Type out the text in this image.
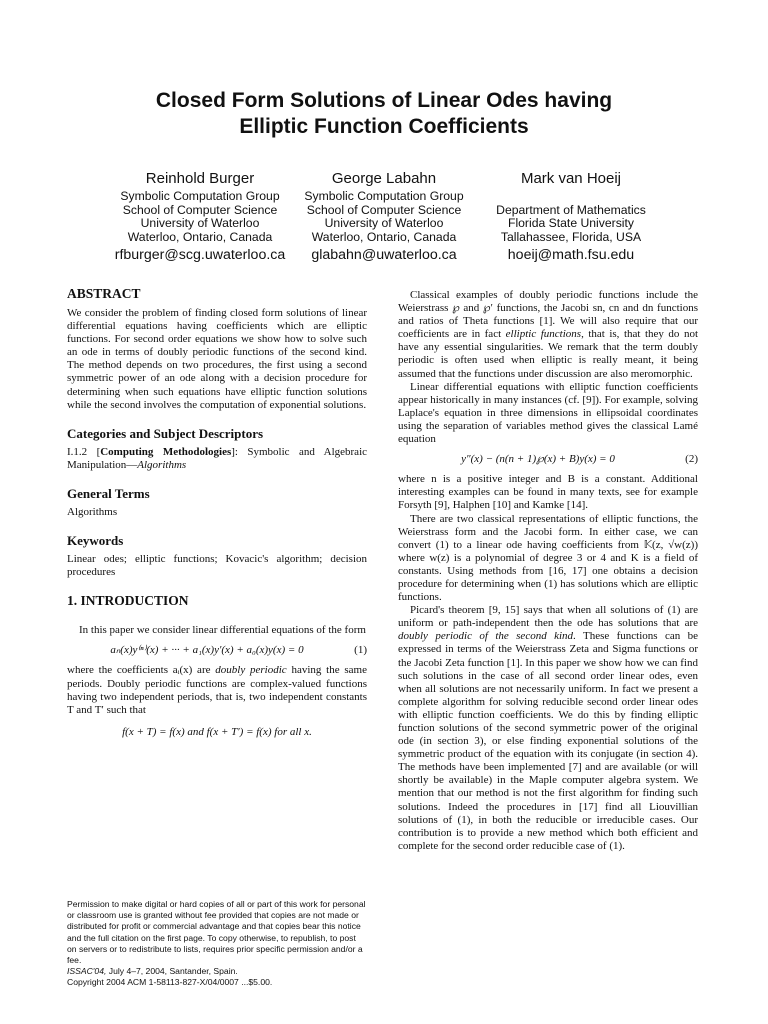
Closed Form Solutions of Linear Odes having
Elliptic Function Coefficients
Reinhold Burger
Symbolic Computation Group
School of Computer Science
University of Waterloo
Waterloo, Ontario, Canada
rfburger@scg.uwaterloo.ca
George Labahn
Symbolic Computation Group
School of Computer Science
University of Waterloo
Waterloo, Ontario, Canada
glabahn@uwaterloo.ca
Mark van Hoeij
Department of Mathematics
Florida State University
Tallahassee, Florida, USA
hoeij@math.fsu.edu
ABSTRACT

We consider the problem of finding closed form solutions of linear differential equations having coefficients which are elliptic functions. For second order equations we show how to solve such an ode in terms of doubly periodic functions of the second kind. The method depends on two procedures, the first using a second symmetric power of an ode along with a decision procedure for determining when such equations have elliptic function solutions while the second involves the computation of exponential solutions.

Categories and Subject Descriptors

I.1.2 [Computing Methodologies]: Symbolic and Algebraic Manipulation—Algorithms

General Terms

Algorithms

Keywords

Linear odes; elliptic functions; Kovacic's algorithm; decision procedures

1. INTRODUCTION

In this paper we consider linear differential equations of the form

aₙ(x)y⁽ⁿ⁾(x) + ··· + a₁(x)y′(x) + a₀(x)y(x) = 0	(1)

where the coefficients aᵢ(x) are doubly periodic having the same periods. Doubly periodic functions are complex-valued functions having two independent periods, that is, two independent constants T and T′ such that

f(x + T) = f(x) and f(x + T′) = f(x) for all x.

Permission to make digital or hard copies of all or part of this work for personal or classroom use is granted without fee provided that copies are not made or distributed for profit or commercial advantage and that copies bear this notice and the full citation on the first page. To copy otherwise, to republish, to post on servers or to redistribute to lists, requires prior specific permission and/or a fee.

ISSAC'04, July 4–7, 2004, Santander, Spain.

Copyright 2004 ACM 1-58113-827-X/04/0007 ...$5.00.

Classical examples of doubly periodic functions include the Weierstrass ℘ and ℘′ functions, the Jacobi sn, cn and dn functions and ratios of Theta functions [1]. We will also require that our coefficients are in fact elliptic functions, that is, that they do not have any essential singularities. We remark that the term doubly periodic is often used when elliptic is really meant, it being assumed that the functions under discussion are also meromorphic.

Linear differential equations with elliptic function coefficients appear historically in many instances (cf. [9]). For example, solving Laplace's equation in three dimensions in ellipsoidal coordinates using the separation of variables method gives the classical Lamé equation

y″(x) − (n(n + 1)℘(x) + B)y(x) = 0	(2)

where n is a positive integer and B is a constant. Additional interesting examples can be found in many texts, see for example Forsyth [9], Halphen [10] and Kamke [14].

There are two classical representations of elliptic functions, the Weierstrass form and the Jacobi form. In either case, we can convert (1) to a linear ode having coefficients from 𝕂(z, √w(z)) where w(z) is a polynomial of degree 3 or 4 and K is a field of constants. Using methods from [16, 17] one obtains a decision procedure for determining when (1) has solutions which are elliptic functions.

Picard's theorem [9, 15] says that when all solutions of (1) are uniform or path-independent then the ode has solutions that are doubly periodic of the second kind. These functions can be expressed in terms of the Weierstrass Zeta and Sigma functions or the Jacobi Zeta function [1]. In this paper we show how we can find such solutions in the case of all second order linear odes, even when all solutions are not necessarily uniform. In fact we present a complete algorithm for solving reducible second order linear odes with elliptic function coefficients. We do this by finding elliptic function solutions of the second symmetric power of the original ode (in section 3), or else finding exponential solutions of the symmetric product of the equation with its conjugate (in section 4). The methods have been implemented [7] and are available (or will shortly be available) in the Maple computer algebra system. We mention that our method is not the first algorithm for finding such solutions. Indeed the procedures in [17] find all Liouvillian solutions of (1), in both the reducible or irreducible cases. Our contribution is to provide a new method which both efficient and complete for the second order reducible case of (1).
